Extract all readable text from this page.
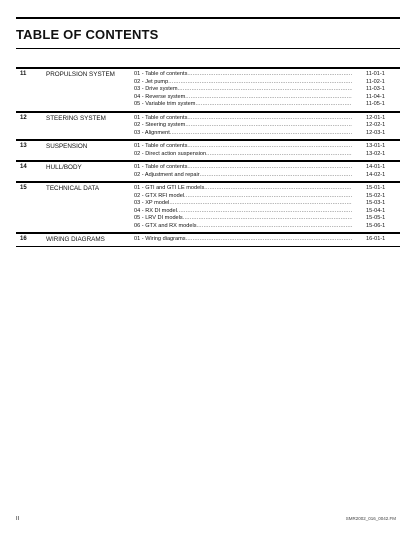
TABLE OF CONTENTS
11	PROPULSION SYSTEM	01 - Table of contents .....	11-01-1
02 - Jet pump .....	11-02-1
03 - Drive system .....	11-03-1
04 - Reverse system .....	11-04-1
05 - Variable trim system .....	11-05-1
12	STEERING SYSTEM	01 - Table of contents .....	12-01-1
02 - Steering system .....	12-02-1
03 - Alignment .....	12-03-1
13	SUSPENSION	01 - Table of contents .....	13-01-1
02 - Direct action suspension .....	13-02-1
14	HULL/BODY	01 - Table of contents .....	14-01-1
02 - Adjustment and repair .....	14-02-1
15	TECHNICAL DATA	01 - GTI and GTI LE models .....	15-01-1
02 - GTX RFI model .....	15-02-1
03 - XP model .....	15-03-1
04 - RX DI model .....	15-04-1
05 - LRV DI models .....	15-05-1
06 - GTX and RX models .....	15-06-1
16	WIRING DIAGRAMS	01 - Wiring diagrams .....	16-01-1
II	SMR2002_016_0042.FM
